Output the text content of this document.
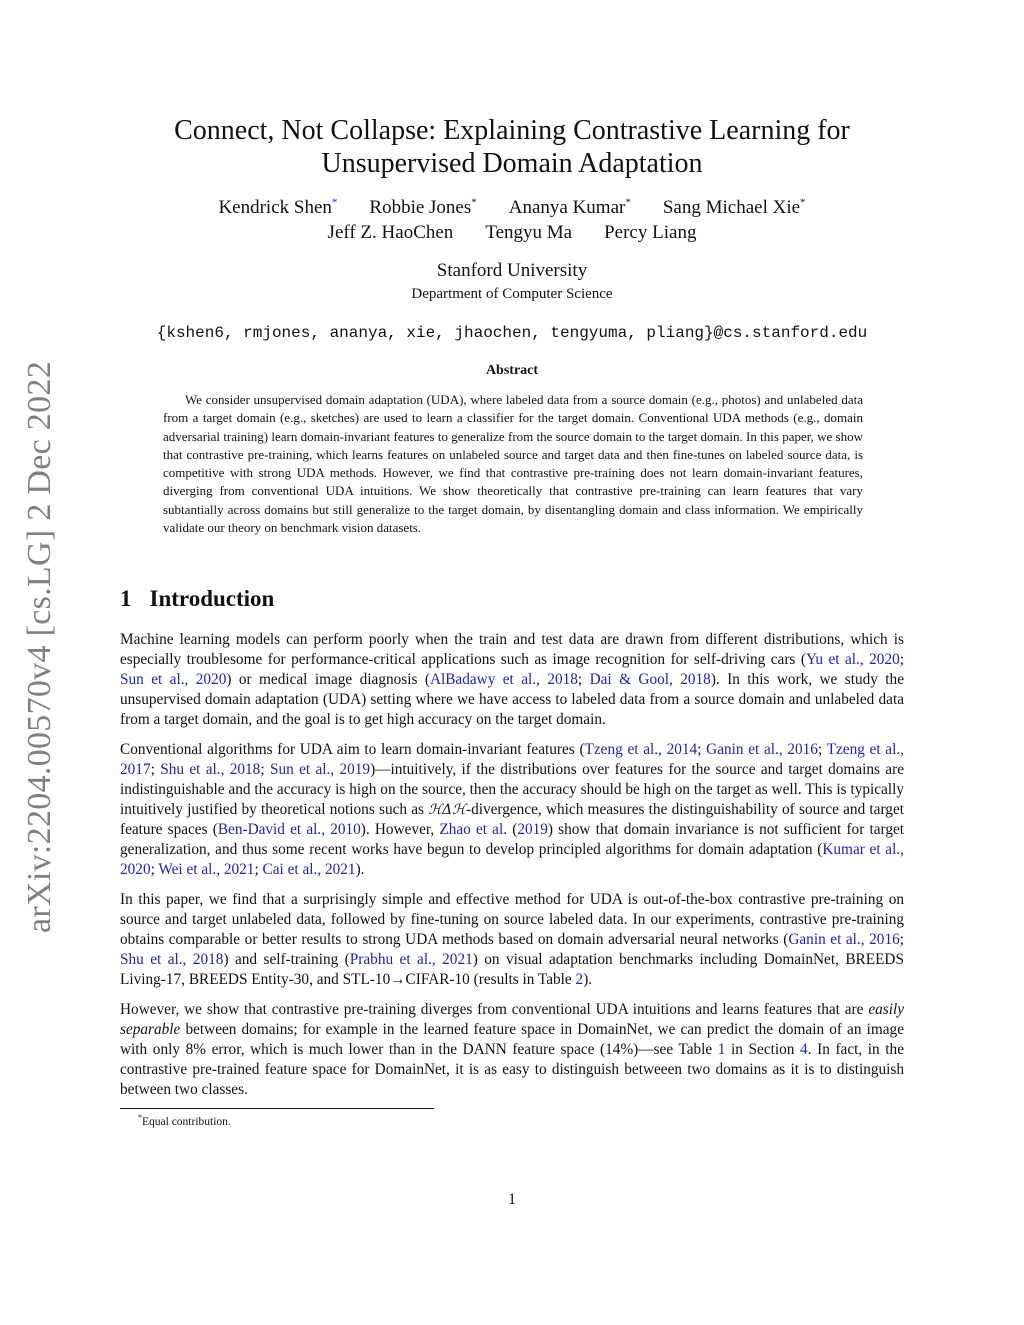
arXiv:2204.00570v4 [cs.LG] 2 Dec 2022
Connect, Not Collapse: Explaining Contrastive Learning for
Unsupervised Domain Adaptation
Kendrick Shen* Robbie Jones* Ananya Kumar* Sang Michael Xie*
Jeff Z. HaoChen Tengyu Ma Percy Liang
Stanford University
Department of Computer Science
{kshen6, rmjones, ananya, xie, jhaochen, tengyuma, pliang}@cs.stanford.edu
Abstract

We consider unsupervised domain adaptation (UDA), where labeled data from a source domain (e.g., photos) and unlabeled data from a target domain (e.g., sketches) are used to learn a classifier for the target domain. Conventional UDA methods (e.g., domain adversarial training) learn domain-invariant features to generalize from the source domain to the target domain. In this paper, we show that contrastive pre-training, which learns features on unlabeled source and target data and then fine-tunes on labeled source data, is competitive with strong UDA methods. However, we find that contrastive pre-training does not learn domain-invariant features, diverging from conventional UDA intuitions. We show theoretically that contrastive pre-training can learn features that vary subtantially across domains but still generalize to the target domain, by disentangling domain and class information. We empirically validate our theory on benchmark vision datasets.

1 Introduction

Machine learning models can perform poorly when the train and test data are drawn from different distributions, which is especially troublesome for performance-critical applications such as image recognition for self-driving cars (Yu et al., 2020; Sun et al., 2020) or medical image diagnosis (AlBadawy et al., 2018; Dai & Gool, 2018). In this work, we study the unsupervised domain adaptation (UDA) setting where we have access to labeled data from a source domain and unlabeled data from a target domain, and the goal is to get high accuracy on the target domain.

Conventional algorithms for UDA aim to learn domain-invariant features (Tzeng et al., 2014; Ganin et al., 2016; Tzeng et al., 2017; Shu et al., 2018; Sun et al., 2019)—intuitively, if the distributions over features for the source and target domains are indistinguishable and the accuracy is high on the source, then the accuracy should be high on the target as well. This is typically intuitively justified by theoretical notions such as ℋΔℋ-divergence, which measures the distinguishability of source and target feature spaces (Ben-David et al., 2010). However, Zhao et al. (2019) show that domain invariance is not sufficient for target generalization, and thus some recent works have begun to develop principled algorithms for domain adaptation (Kumar et al., 2020; Wei et al., 2021; Cai et al., 2021).

In this paper, we find that a surprisingly simple and effective method for UDA is out-of-the-box contrastive pre-training on source and target unlabeled data, followed by fine-tuning on source labeled data. In our experiments, contrastive pre-training obtains comparable or better results to strong UDA methods based on domain adversarial neural networks (Ganin et al., 2016; Shu et al., 2018) and self-training (Prabhu et al., 2021) on visual adaptation benchmarks including DomainNet, BREEDS Living-17, BREEDS Entity-30, and STL-10→CIFAR-10 (results in Table 2).

However, we show that contrastive pre-training diverges from conventional UDA intuitions and learns features that are easily separable between domains; for example in the learned feature space in DomainNet, we can predict the domain of an image with only 8% error, which is much lower than in the DANN feature space (14%)—see Table 1 in Section 4. In fact, in the contrastive pre-trained feature space for DomainNet, it is as easy to distinguish betweeen two domains as it is to distinguish between two classes.

*Equal contribution.
1
